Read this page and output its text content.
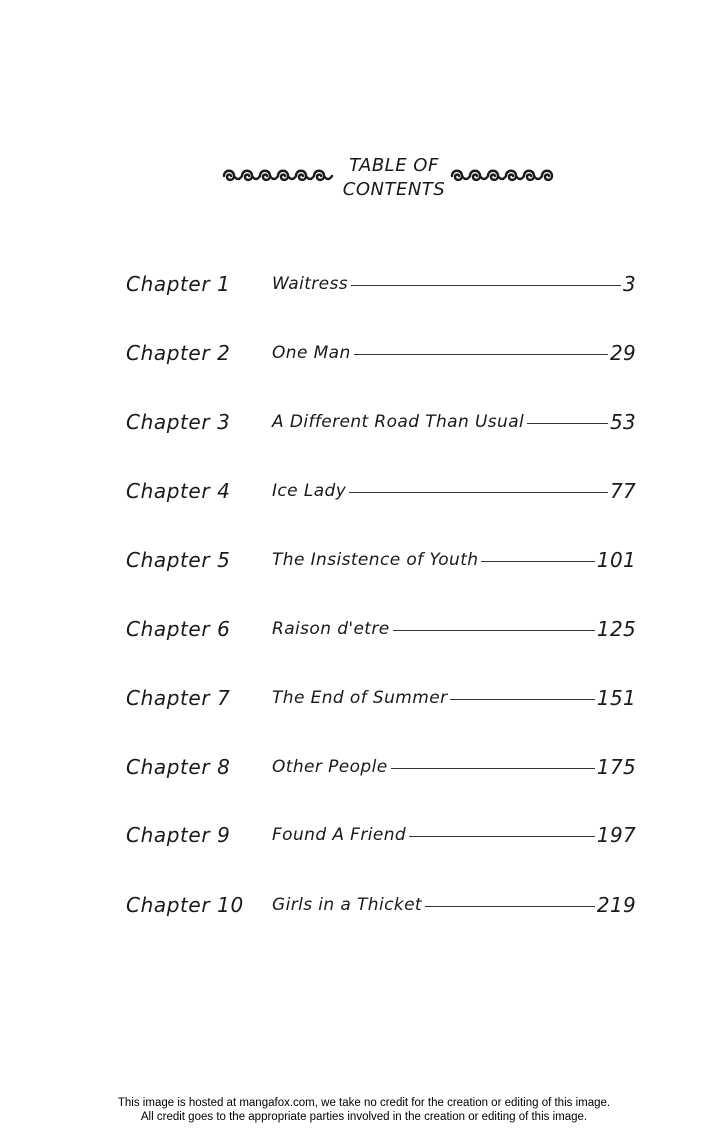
TABLE OF
CONTENTS
Chapter 1 Waitress	3
Chapter 2 One Man	29
Chapter 3 A Different Road Than Usual	53
Chapter 4 Ice Lady	77
Chapter 5 The Insistence of Youth	101
Chapter 6 Raison d'etre	125
Chapter 7 The End of Summer	151
Chapter 8 Other People	175
Chapter 9 Found A Friend	197
Chapter 10 Girls in a Thicket	219
This image is hosted at mangafox.com, we take no credit for the creation or editing of this image.
All credit goes to the appropriate parties involved in the creation or editing of this image.
